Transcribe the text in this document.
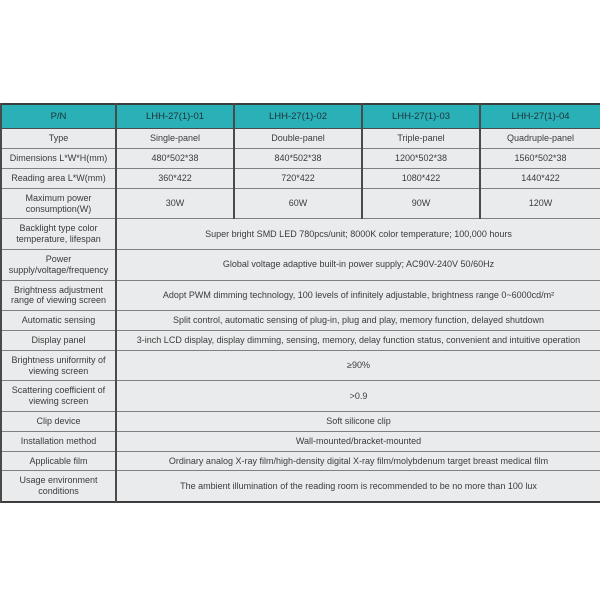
P/N	LHH-27(1)-01	LHH-27(1)-02	LHH-27(1)-03	LHH-27(1)-04
Type	Single-panel	Double-panel	Triple-panel	Quadruple-panel
Dimensions L*W*H(mm)	480*502*38	840*502*38	1200*502*38	1560*502*38
Reading area L*W(mm)	360*422	720*422	1080*422	1440*422
Maximum power consumption(W)	30W	60W	90W	120W
Backlight type color temperature, lifespan	Super bright SMD LED 780pcs/unit; 8000K color temperature; 100,000 hours			
Power supply/voltage/frequency	Global voltage adaptive built-in power supply; AC90V-240V 50/60Hz			
Brightness adjustment range of viewing screen	Adopt PWM dimming technology, 100 levels of infinitely adjustable, brightness range 0~6000cd/m²			
Automatic sensing	Split control, automatic sensing of plug-in, plug and play, memory function, delayed shutdown			
Display panel	3-inch LCD display, display dimming, sensing, memory, delay function status, convenient and intuitive operation			
Brightness uniformity of viewing screen	≥90%			
Scattering coefficient of viewing screen	>0.9			
Clip device	Soft silicone clip			
Installation method	Wall-mounted/bracket-mounted			
Applicable film	Ordinary analog X-ray film/high-density digital X-ray film/molybdenum target breast medical film			
Usage environment conditions	The ambient illumination of the reading room is recommended to be no more than 100 lux			
